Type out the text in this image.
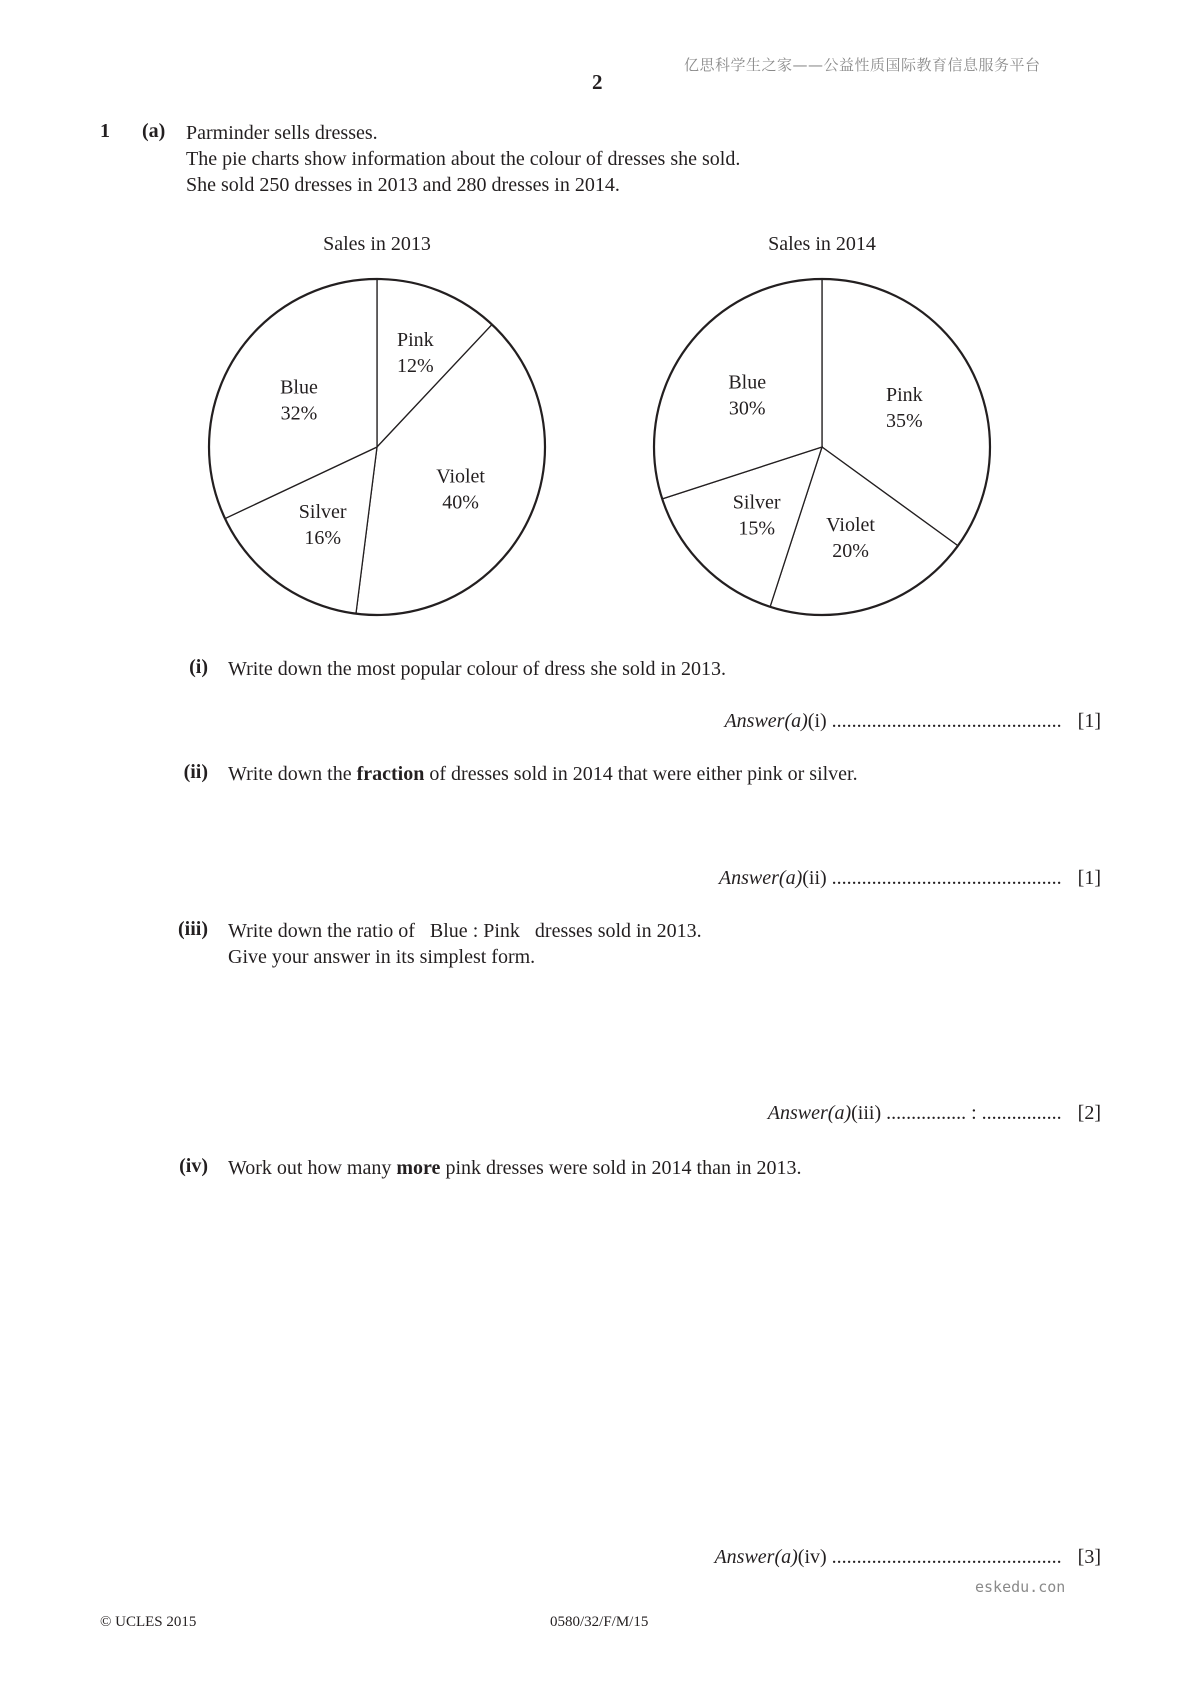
亿思科学生之家——公益性质国际教育信息服务平台
2
1 (a) Parminder sells dresses.
The pie charts show information about the colour of dresses she sold.
She sold 250 dresses in 2013 and 280 dresses in 2014.
Sales in 2013
Pink
12%
Violet
40%
Silver
16%
Blue
32%
Sales in 2014
Pink
35%
Violet
20%
Silver
15%
Blue
30%
(i) Write down the most popular colour of dress she sold in 2013.
Answer(a)(i) .............................................. [1]
(ii) Write down the fraction of dresses sold in 2014 that were either pink or silver.
Answer(a)(ii) .............................................. [1]
(iii) Write down the ratio of   Blue : Pink   dresses sold in 2013.
Give your answer in its simplest form.
Answer(a)(iii) ................ : ................ [2]
(iv) Work out how many more pink dresses were sold in 2014 than in 2013.
Answer(a)(iv) .............................................. [3]
eskedu.con
© UCLES 2015	0580/32/F/M/15
